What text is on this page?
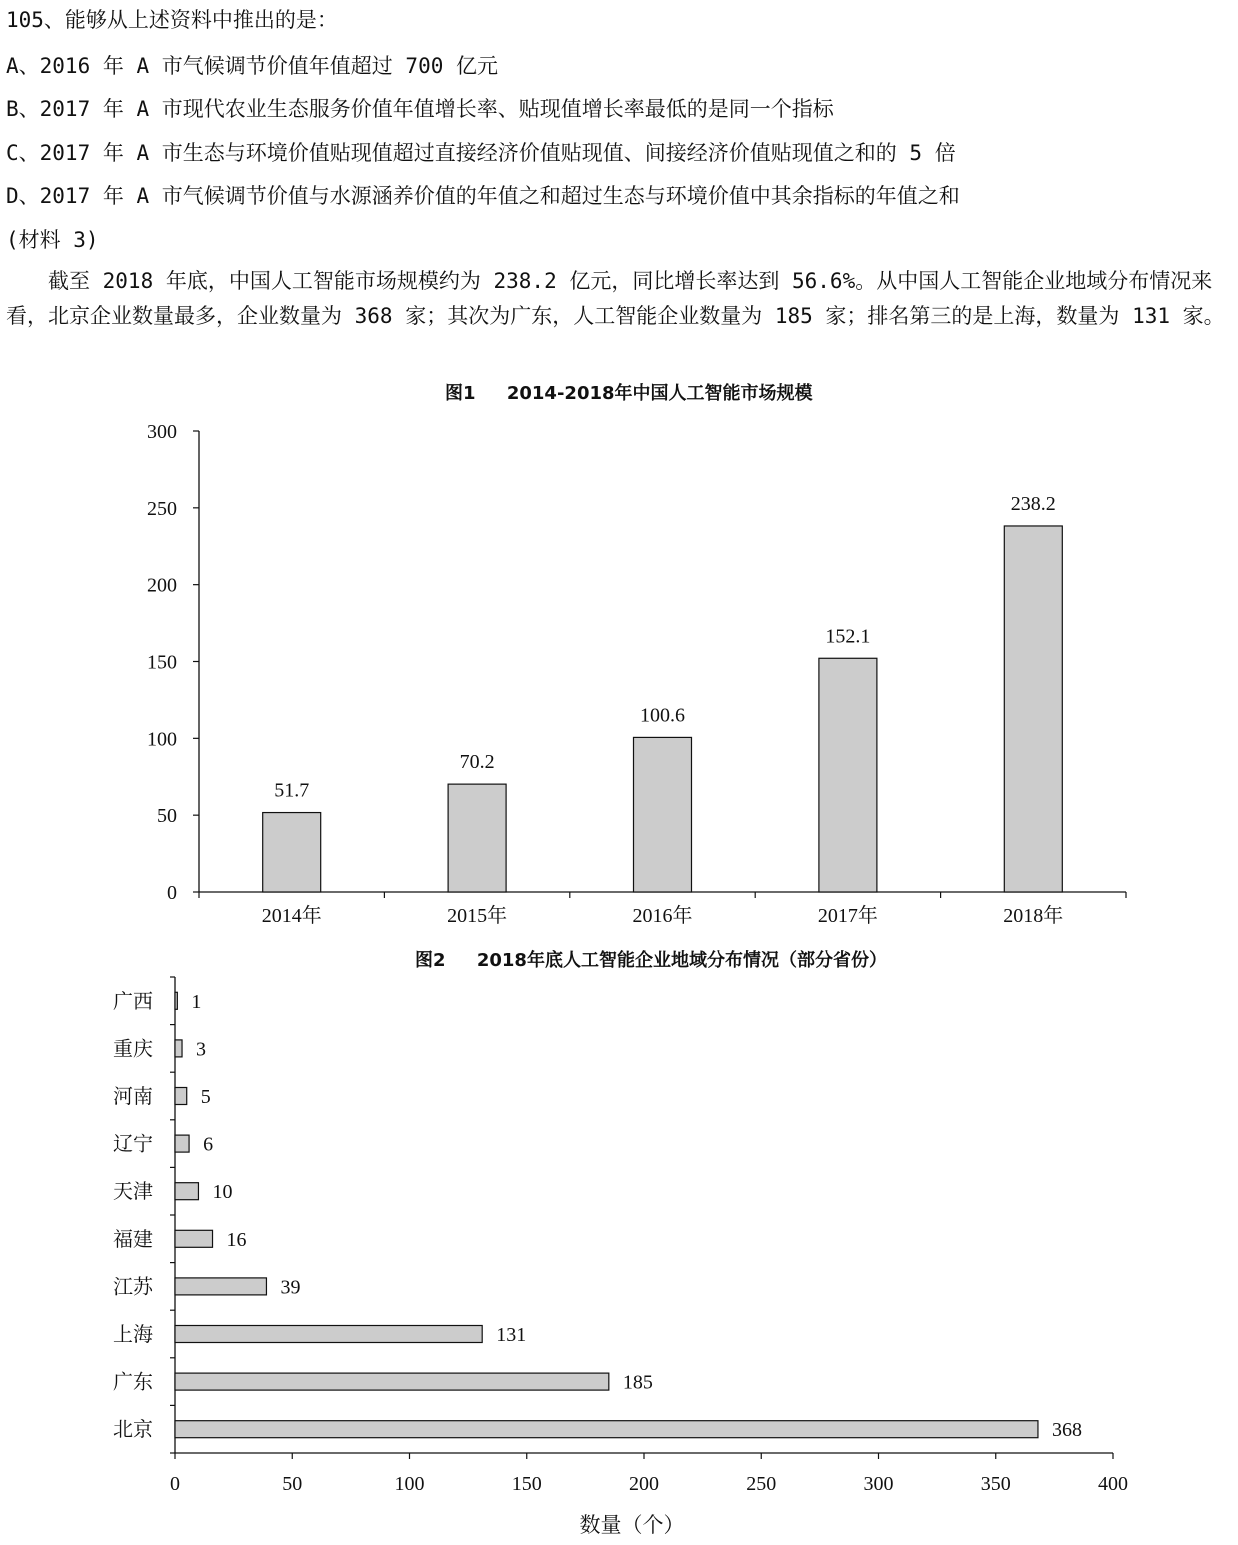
105、能够从上述资料中推出的是：
A、2016 年 A 市气候调节价值年值超过 700 亿元
B、2017 年 A 市现代农业生态服务价值年值增长率、贴现值增长率最低的是同一个指标
C、2017 年 A 市生态与环境价值贴现值超过直接经济价值贴现值、间接经济价值贴现值之和的 5 倍
D、2017 年 A 市气候调节价值与水源涵养价值的年值之和超过生态与环境价值中其余指标的年值之和
(材料 3)
截至 2018 年底，中国人工智能市场规模约为 238.2 亿元，同比增长率达到 56.6%。从中国人工智能企业地域分布情况来看，北京企业数量最多，企业数量为 368 家；其次为广东，人工智能企业数量为 185 家；排名第三的是上海，数量为 131 家。
图1     2014-2018年中国人工智能市场规模
图2     2018年底人工智能企业地域分布情况（部分省份）
0
50
100
150
200
250
300
51.7
2014年
70.2
2015年
100.6
2016年
152.1
2017年
238.2
2018年
0	50	100	150	200	250	300	350	400
1
广西
3
重庆
5
河南
6
辽宁
10
天津
16
福建
39
江苏
131
上海
185
广东
368
北京
数量（个）
